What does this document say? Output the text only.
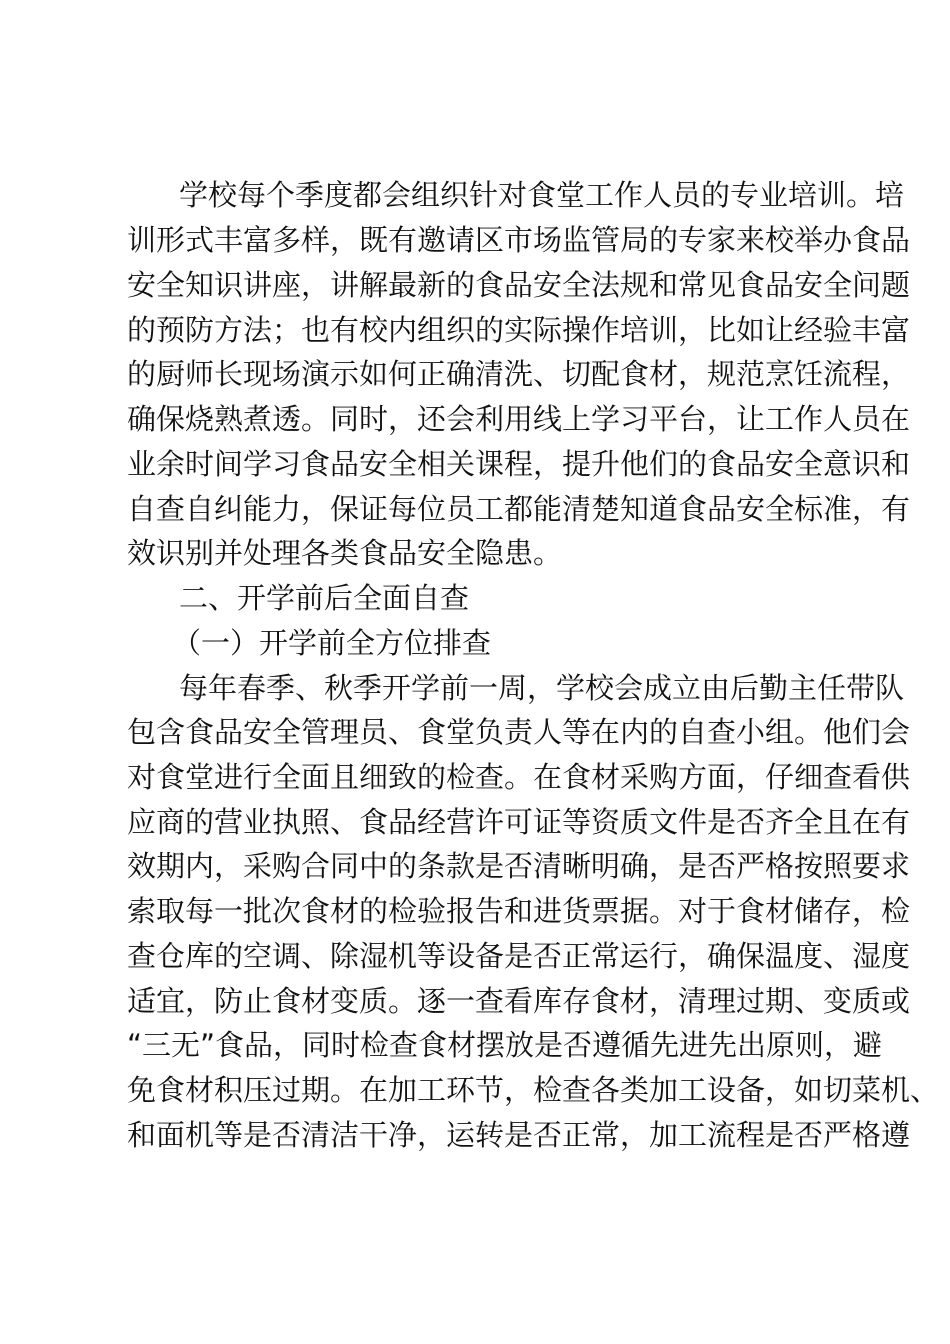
学校每个季度都会组织针对食堂工作人员的专业培训。培
训形式丰富多样，既有邀请区市场监管局的专家来校举办食品
安全知识讲座，讲解最新的食品安全法规和常见食品安全问题
的预防方法；也有校内组织的实际操作培训，比如让经验丰富
的厨师长现场演示如何正确清洗、切配食材，规范烹饪流程，
确保烧熟煮透。同时，还会利用线上学习平台，让工作人员在
业余时间学习食品安全相关课程，提升他们的食品安全意识和
自查自纠能力，保证每位员工都能清楚知道食品安全标准，有
效识别并处理各类食品安全隐患。
二、开学前后全面自查
（一）开学前全方位排查
每年春季、秋季开学前一周，学校会成立由后勤主任带队
包含食品安全管理员、食堂负责人等在内的自查小组。他们会
对食堂进行全面且细致的检查。在食材采购方面，仔细查看供
应商的营业执照、食品经营许可证等资质文件是否齐全且在有
效期内，采购合同中的条款是否清晰明确，是否严格按照要求
索取每一批次食材的检验报告和进货票据。对于食材储存，检
查仓库的空调、除湿机等设备是否正常运行，确保温度、湿度
适宜，防止食材变质。逐一查看库存食材，清理过期、变质或
“三无”食品，同时检查食材摆放是否遵循先进先出原则，避
免食材积压过期。在加工环节，检查各类加工设备，如切菜机、
和面机等是否清洁干净，运转是否正常，加工流程是否严格遵
